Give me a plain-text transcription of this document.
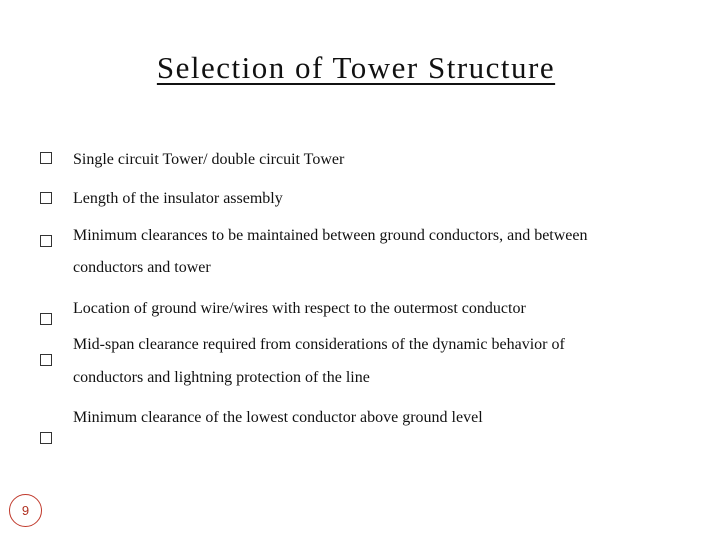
Selection of Tower Structure
Single circuit Tower/ double circuit Tower
Length of the insulator assembly
Minimum clearances to be maintained between ground conductors, and between
conductors and tower
Location of ground wire/wires with respect to the outermost conductor
Mid-span clearance required from considerations of the dynamic behavior of
conductors and lightning protection of the line
Minimum clearance of the lowest conductor above ground level
9
